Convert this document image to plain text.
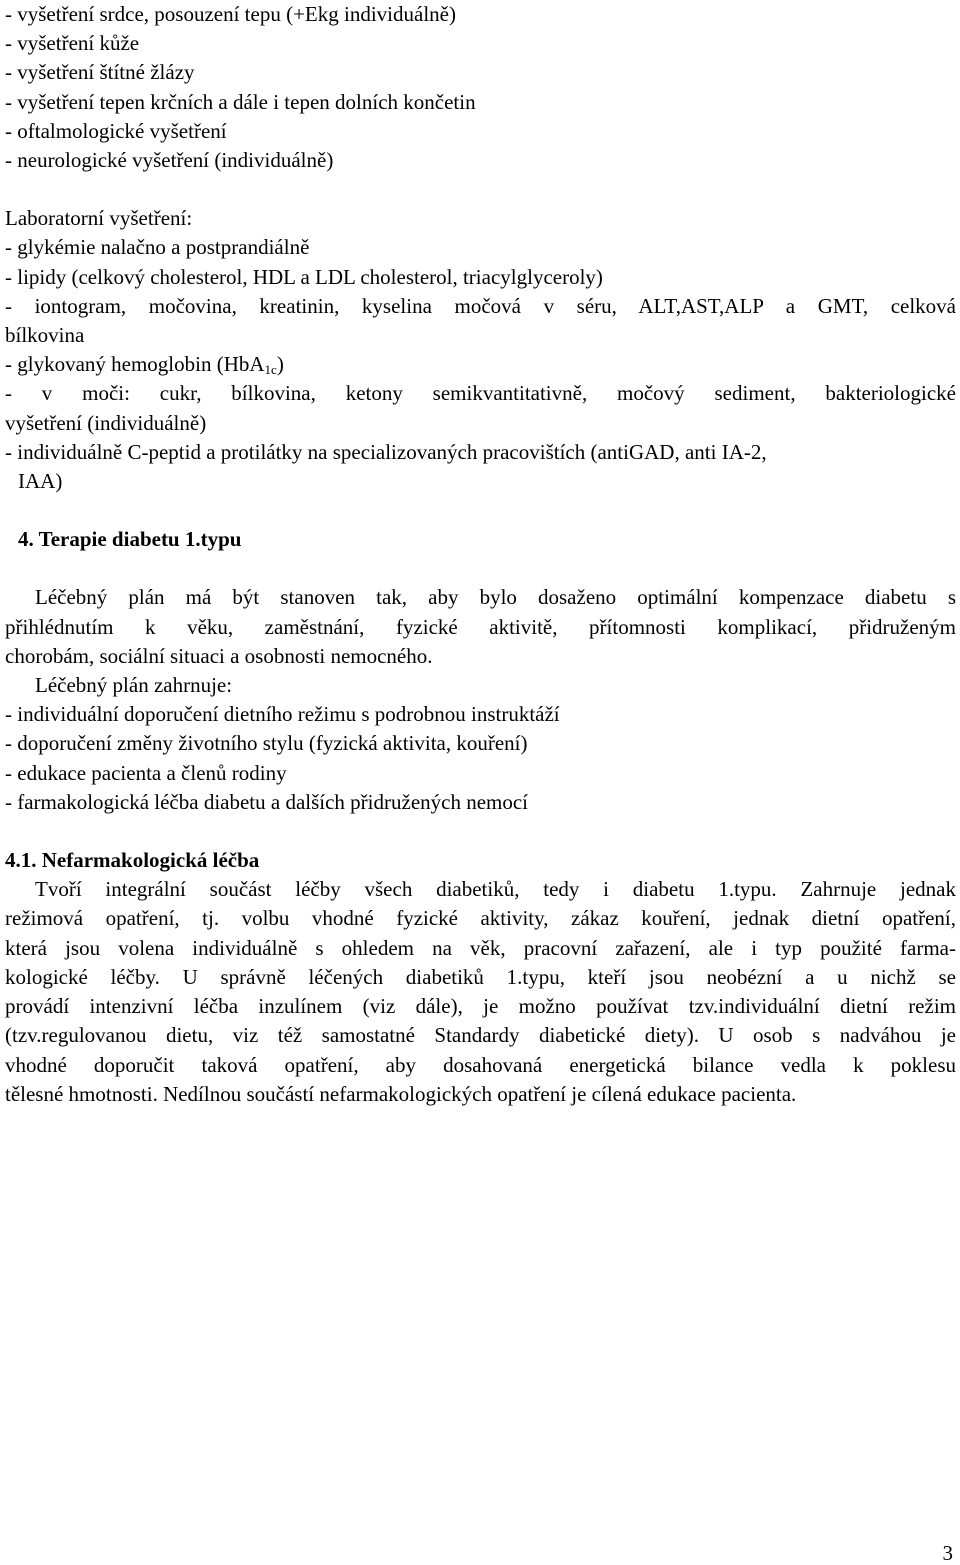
- vyšetření srdce, posouzení tepu (+Ekg individuálně)
- vyšetření kůže
- vyšetření štítné žlázy
- vyšetření tepen krčních a dále i tepen dolních končetin
- oftalmologické vyšetření
- neurologické vyšetření (individuálně)
Laboratorní vyšetření:
- glykémie nalačno a postprandiálně
- lipidy (celkový cholesterol, HDL a LDL cholesterol, triacylglyceroly)
- iontogram, močovina, kreatinin, kyselina močová v séru, ALT,AST,ALP a GMT, celková
bílkovina
- glykovaný hemoglobin (HbA$_{1c}$)
- v moči: cukr, bílkovina, ketony semikvantitativně, močový sediment, bakteriologické
vyšetření (individuálně)
- individuálně C-peptid a protilátky na specializovaných pracovištích (antiGAD, anti IA-2,
IAA)
4. Terapie diabetu 1.typu
Léčebný plán má být stanoven tak, aby bylo dosaženo optimální kompenzace diabetu s
přihlédnutím k věku, zaměstnání, fyzické aktivitě, přítomnosti komplikací, přidruženým
chorobám, sociální situaci a osobnosti nemocného.
Léčebný plán zahrnuje:
- individuální doporučení dietního režimu s podrobnou instruktáží
- doporučení změny životního stylu (fyzická aktivita, kouření)
- edukace pacienta a členů rodiny
- farmakologická léčba diabetu a dalších přidružených nemocí
4.1. Nefarmakologická léčba
Tvoří integrální součást léčby všech diabetiků, tedy i diabetu 1.typu. Zahrnuje jednak
režimová opatření, tj. volbu vhodné fyzické aktivity, zákaz kouření, jednak dietní opatření,
která jsou volena individuálně s ohledem na věk, pracovní zařazení, ale i typ použité farma-
kologické léčby. U správně léčených diabetiků 1.typu, kteří jsou neobézní a u nichž se
provádí intenzivní léčba inzulínem (viz dále), je možno používat tzv.individuální dietní režim
(tzv.regulovanou dietu, viz též samostatné Standardy diabetické diety). U osob s nadváhou je
vhodné doporučit taková opatření, aby dosahovaná energetická bilance vedla k poklesu
tělesné hmotnosti. Nedílnou součástí nefarmakologických opatření je cílená edukace pacienta.
3
